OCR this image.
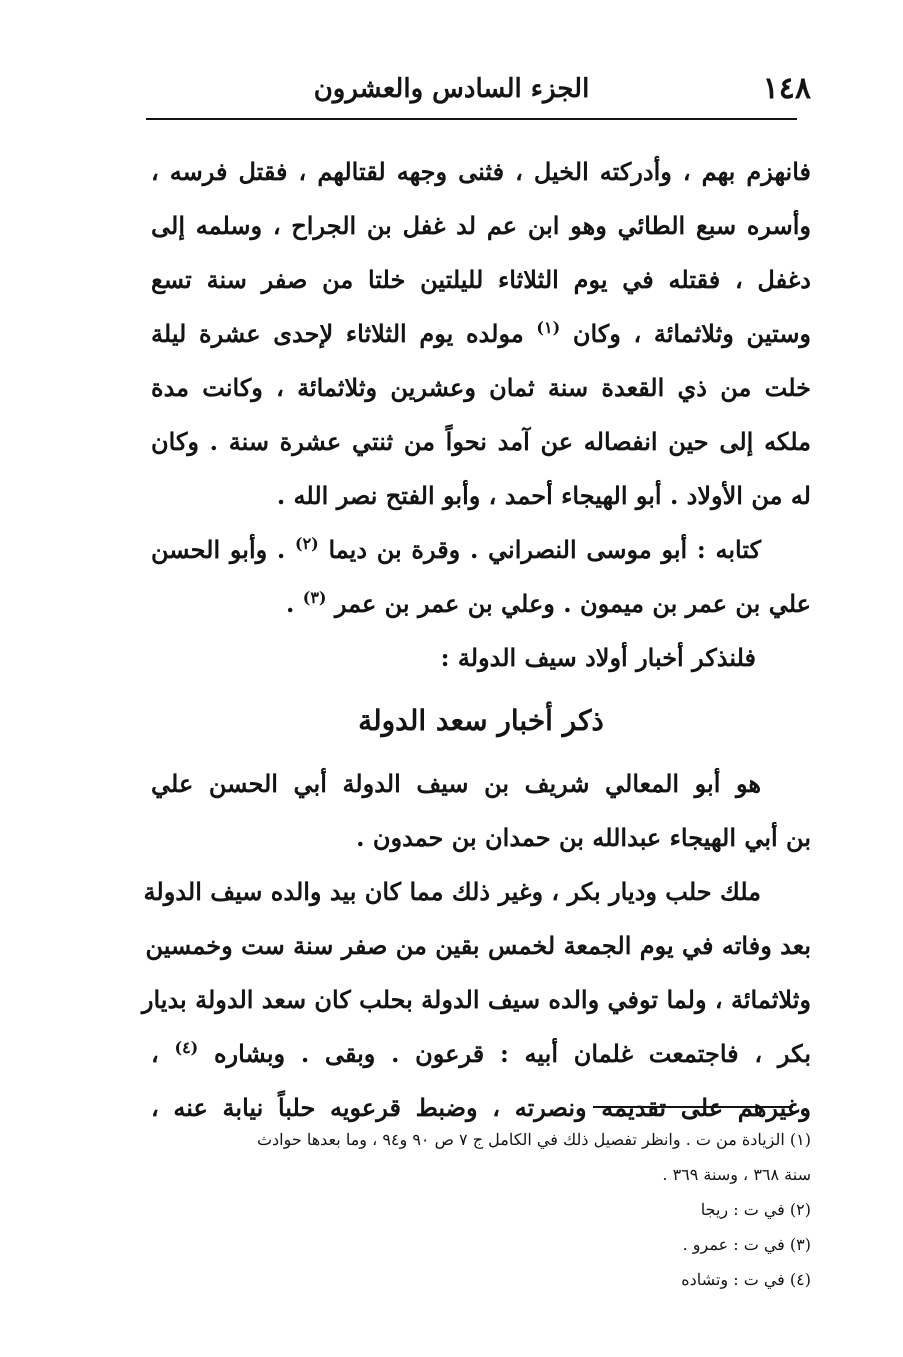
١٤٨
الجزء السادس والعشرون
فانهزم بهم ، وأدركته الخيل ، فثنى وجهه لقتالهم ، فقتل فرسه ،
وأسره سبع الطائي وهو ابن عم لد غفل بن الجراح ، وسلمه إلى
دغفل ، فقتله في يوم الثلاثاء لليلتين خلتا من صفر سنة تسع
وستين وثلاثمائة ، وكان $^{(١)}$ مولده يوم الثلاثاء لإحدى عشرة ليلة
خلت من ذي القعدة سنة ثمان وعشرين وثلاثمائة ، وكانت مدة
ملكه إلى حين انفصاله عن آمد نحواً من ثنتي عشرة سنة . وكان
له من الأولاد . أبو الهيجاء أحمد ، وأبو الفتح نصر الله .
كتابه : أبو موسى النصراني . وقرة بن ديما $^{(٢)}$ . وأبو الحسن
علي بن عمر بن ميمون . وعلي بن عمر بن عمر $^{(٣)}$ .
فلنذكر أخبار أولاد سيف الدولة :
ذكر أخبار سعد الدولة
هو أبو المعالي شريف بن سيف الدولة أبي الحسن علي
بن أبي الهيجاء عبدالله بن حمدان بن حمدون .
ملك حلب وديار بكر ، وغير ذلك مما كان بيد والده سيف الدولة
بعد وفاته في يوم الجمعة لخمس بقين من صفر سنة ست وخمسين
وثلاثمائة ، ولما توفي والده سيف الدولة بحلب كان سعد الدولة بديار
بكر ، فاجتمعت غلمان أبيه : قرعون . وبقى . وبشاره $^{(٤)}$ ،
وغيرهم على تقديمه ونصرته ، وضبط قرعويه حلباً نيابة عنه ،
(١) الزيادة من ت . وانظر تفصيل ذلك في الكامل ج ٧ ص ٩٠ و٩٤ ، وما بعدها حوادث
سنة ٣٦٨ ، وسنة ٣٦٩ .
(٢) في ت : ريجا
(٣) في ت : عمرو .
(٤) في ت : وتشاده
